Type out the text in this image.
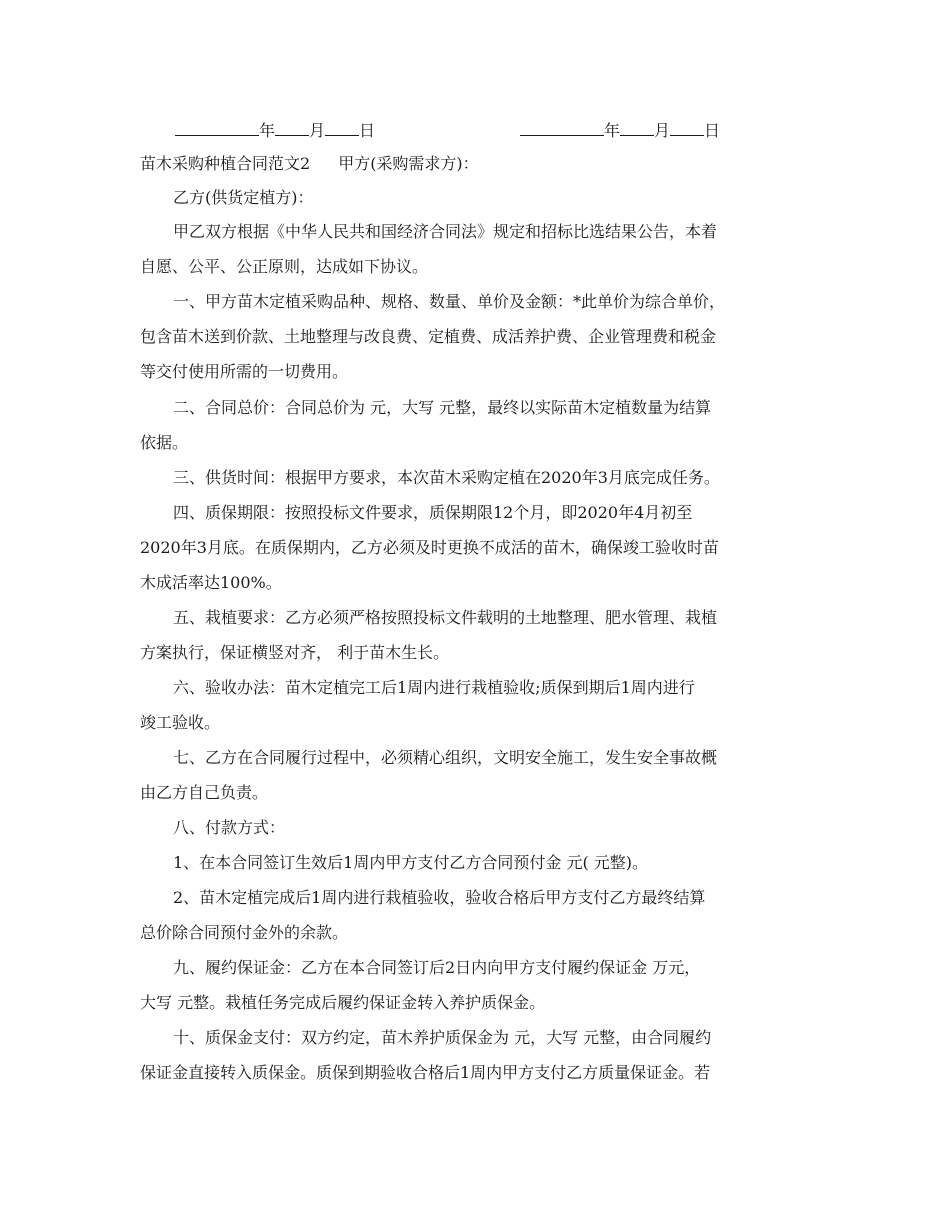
年 月 日	年 月 日
苗木采购种植合同范文2 甲方(采购需求方)：
乙方(供货定植方)：
甲乙双方根据《中华人民共和国经济合同法》规定和招标比选结果公告，本着
自愿、公平、公正原则，达成如下协议。
一、甲方苗木定植采购品种、规格、数量、单价及金额：*此单价为综合单价，
包含苗木送到价款、土地整理与改良费、定植费、成活养护费、企业管理费和税金
等交付使用所需的一切费用。
二、合同总价：合同总价为 元，大写 元整，最终以实际苗木定植数量为结算
依据。
三、供货时间：根据甲方要求，本次苗木采购定植在2020年3月底完成任务。
四、质保期限：按照投标文件要求，质保期限12个月，即2020年4月初至
2020年3月底。在质保期内，乙方必须及时更换不成活的苗木，确保竣工验收时苗
木成活率达100%。
五、栽植要求：乙方必须严格按照投标文件载明的土地整理、肥水管理、栽植
方案执行，保证横竖对齐， 利于苗木生长。
六、验收办法：苗木定植完工后1周内进行栽植验收;质保到期后1周内进行
竣工验收。
七、乙方在合同履行过程中，必须精心组织，文明安全施工，发生安全事故概
由乙方自己负责。
八、付款方式：
1、在本合同签订生效后1周内甲方支付乙方合同预付金 元( 元整)。
2、苗木定植完成后1周内进行栽植验收，验收合格后甲方支付乙方最终结算
总价除合同预付金外的余款。
九、履约保证金：乙方在本合同签订后2日内向甲方支付履约保证金 万元，
大写 元整。栽植任务完成后履约保证金转入养护质保金。
十、质保金支付：双方约定，苗木养护质保金为 元，大写 元整，由合同履约
保证金直接转入质保金。质保到期验收合格后1周内甲方支付乙方质量保证金。若
